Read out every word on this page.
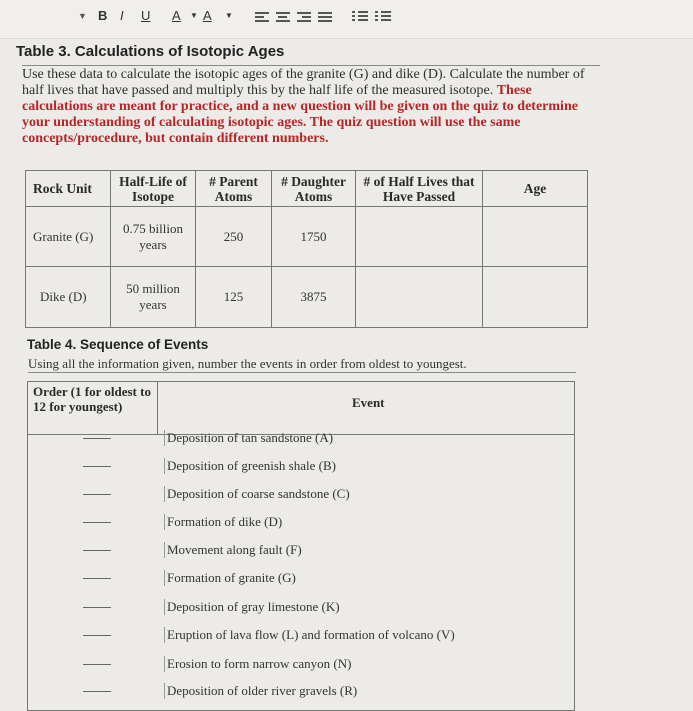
▼ B I U A ▼ A ▼
Table 3. Calculations of Isotopic Ages
Use these data to calculate the isotopic ages of the granite (G) and dike (D). Calculate the number of half lives that have passed and multiply this by the half life of the measured isotope. These calculations are meant for practice, and a new question will be given on the quiz to determine your understanding of calculating isotopic ages. The quiz question will use the same concepts/procedure, but contain different numbers.
Rock Unit	Half-Life of Isotope	# Parent Atoms	# Daughter Atoms	# of Half Lives that Have Passed	Age
Granite (G)	0.75 billion years	250	1750		
Dike (D)	50 million years	125	3875		
Table 4. Sequence of Events
Using all the information given, number the events in order from oldest to youngest.
Order (1 for oldest to 12 for youngest)	Event
Deposition of tan sandstone (A)
Deposition of greenish shale (B)
Deposition of coarse sandstone (C)
Formation of dike (D)
Movement along fault (F)
Formation of granite (G)
Deposition of gray limestone (K)
Eruption of lava flow (L) and formation of volcano (V)
Erosion to form narrow canyon (N)
Deposition of older river gravels (R)
